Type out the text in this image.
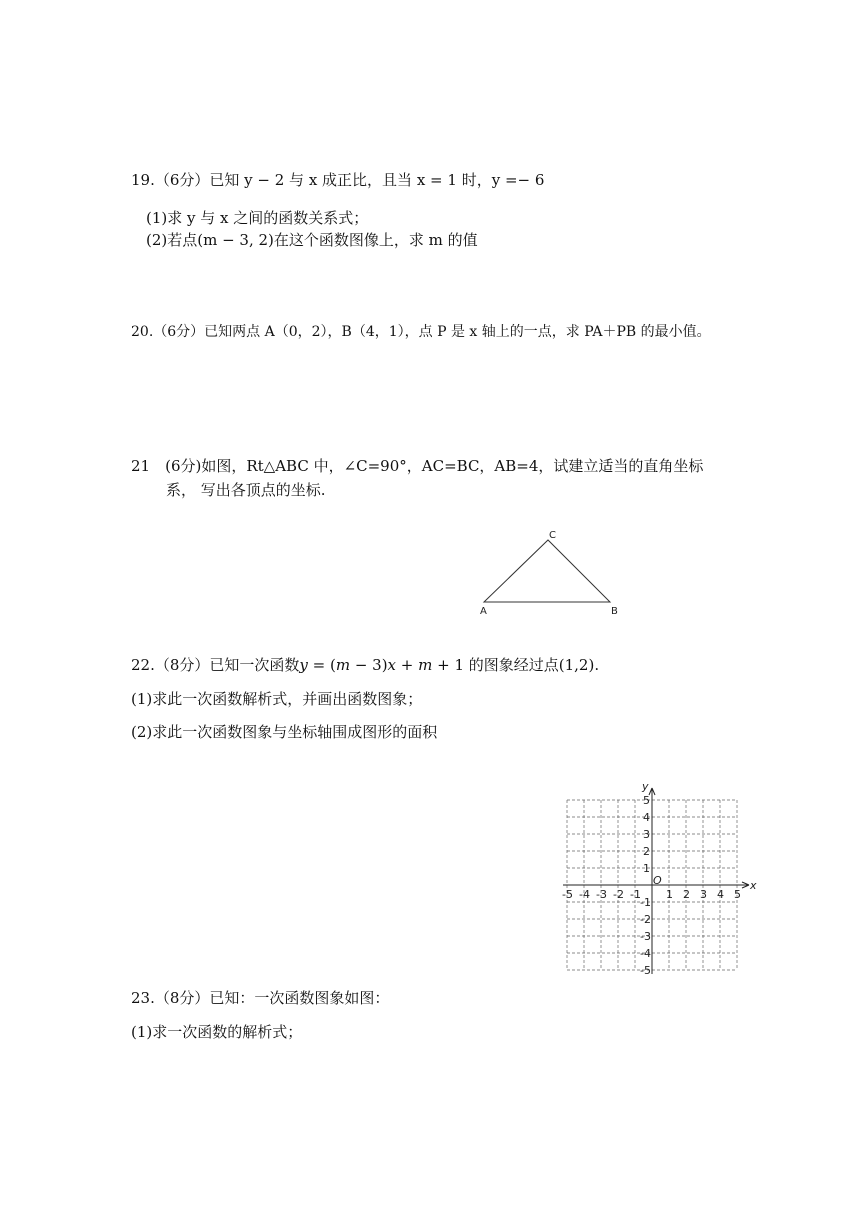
19.（6分）已知 y − 2 与 x 成正比，且当 x = 1 时，y =− 6
(1)求 y 与 x 之间的函数关系式；
(2)若点(m − 3, 2)在这个函数图像上，求 m 的值
20.（6分）已知两点 A（0，2），B（4，1），点 P 是 x 轴上的一点，求 PA＋PB 的最小值。
21　(6分)如图，Rt△ABC 中，∠C=90°，AC=BC，AB=4，试建立适当的直角坐标
系， 写出各顶点的坐标.
A
C
B
22.（8分）已知一次函数𝑦 = (𝑚 − 3)𝑥 + 𝑚 + 1 的图象经过点(1,2).
(1)求此一次函数解析式，并画出函数图象；
(2)求此一次函数图象与坐标轴围成图形的面积
x
y
O
-5 -4 -3 -2 -1 1 2 3 4 5
5
4
3
2
1
-1
-2
-3
-4
-5
23.（8分）已知：一次函数图象如图：
(1)求一次函数的解析式；
